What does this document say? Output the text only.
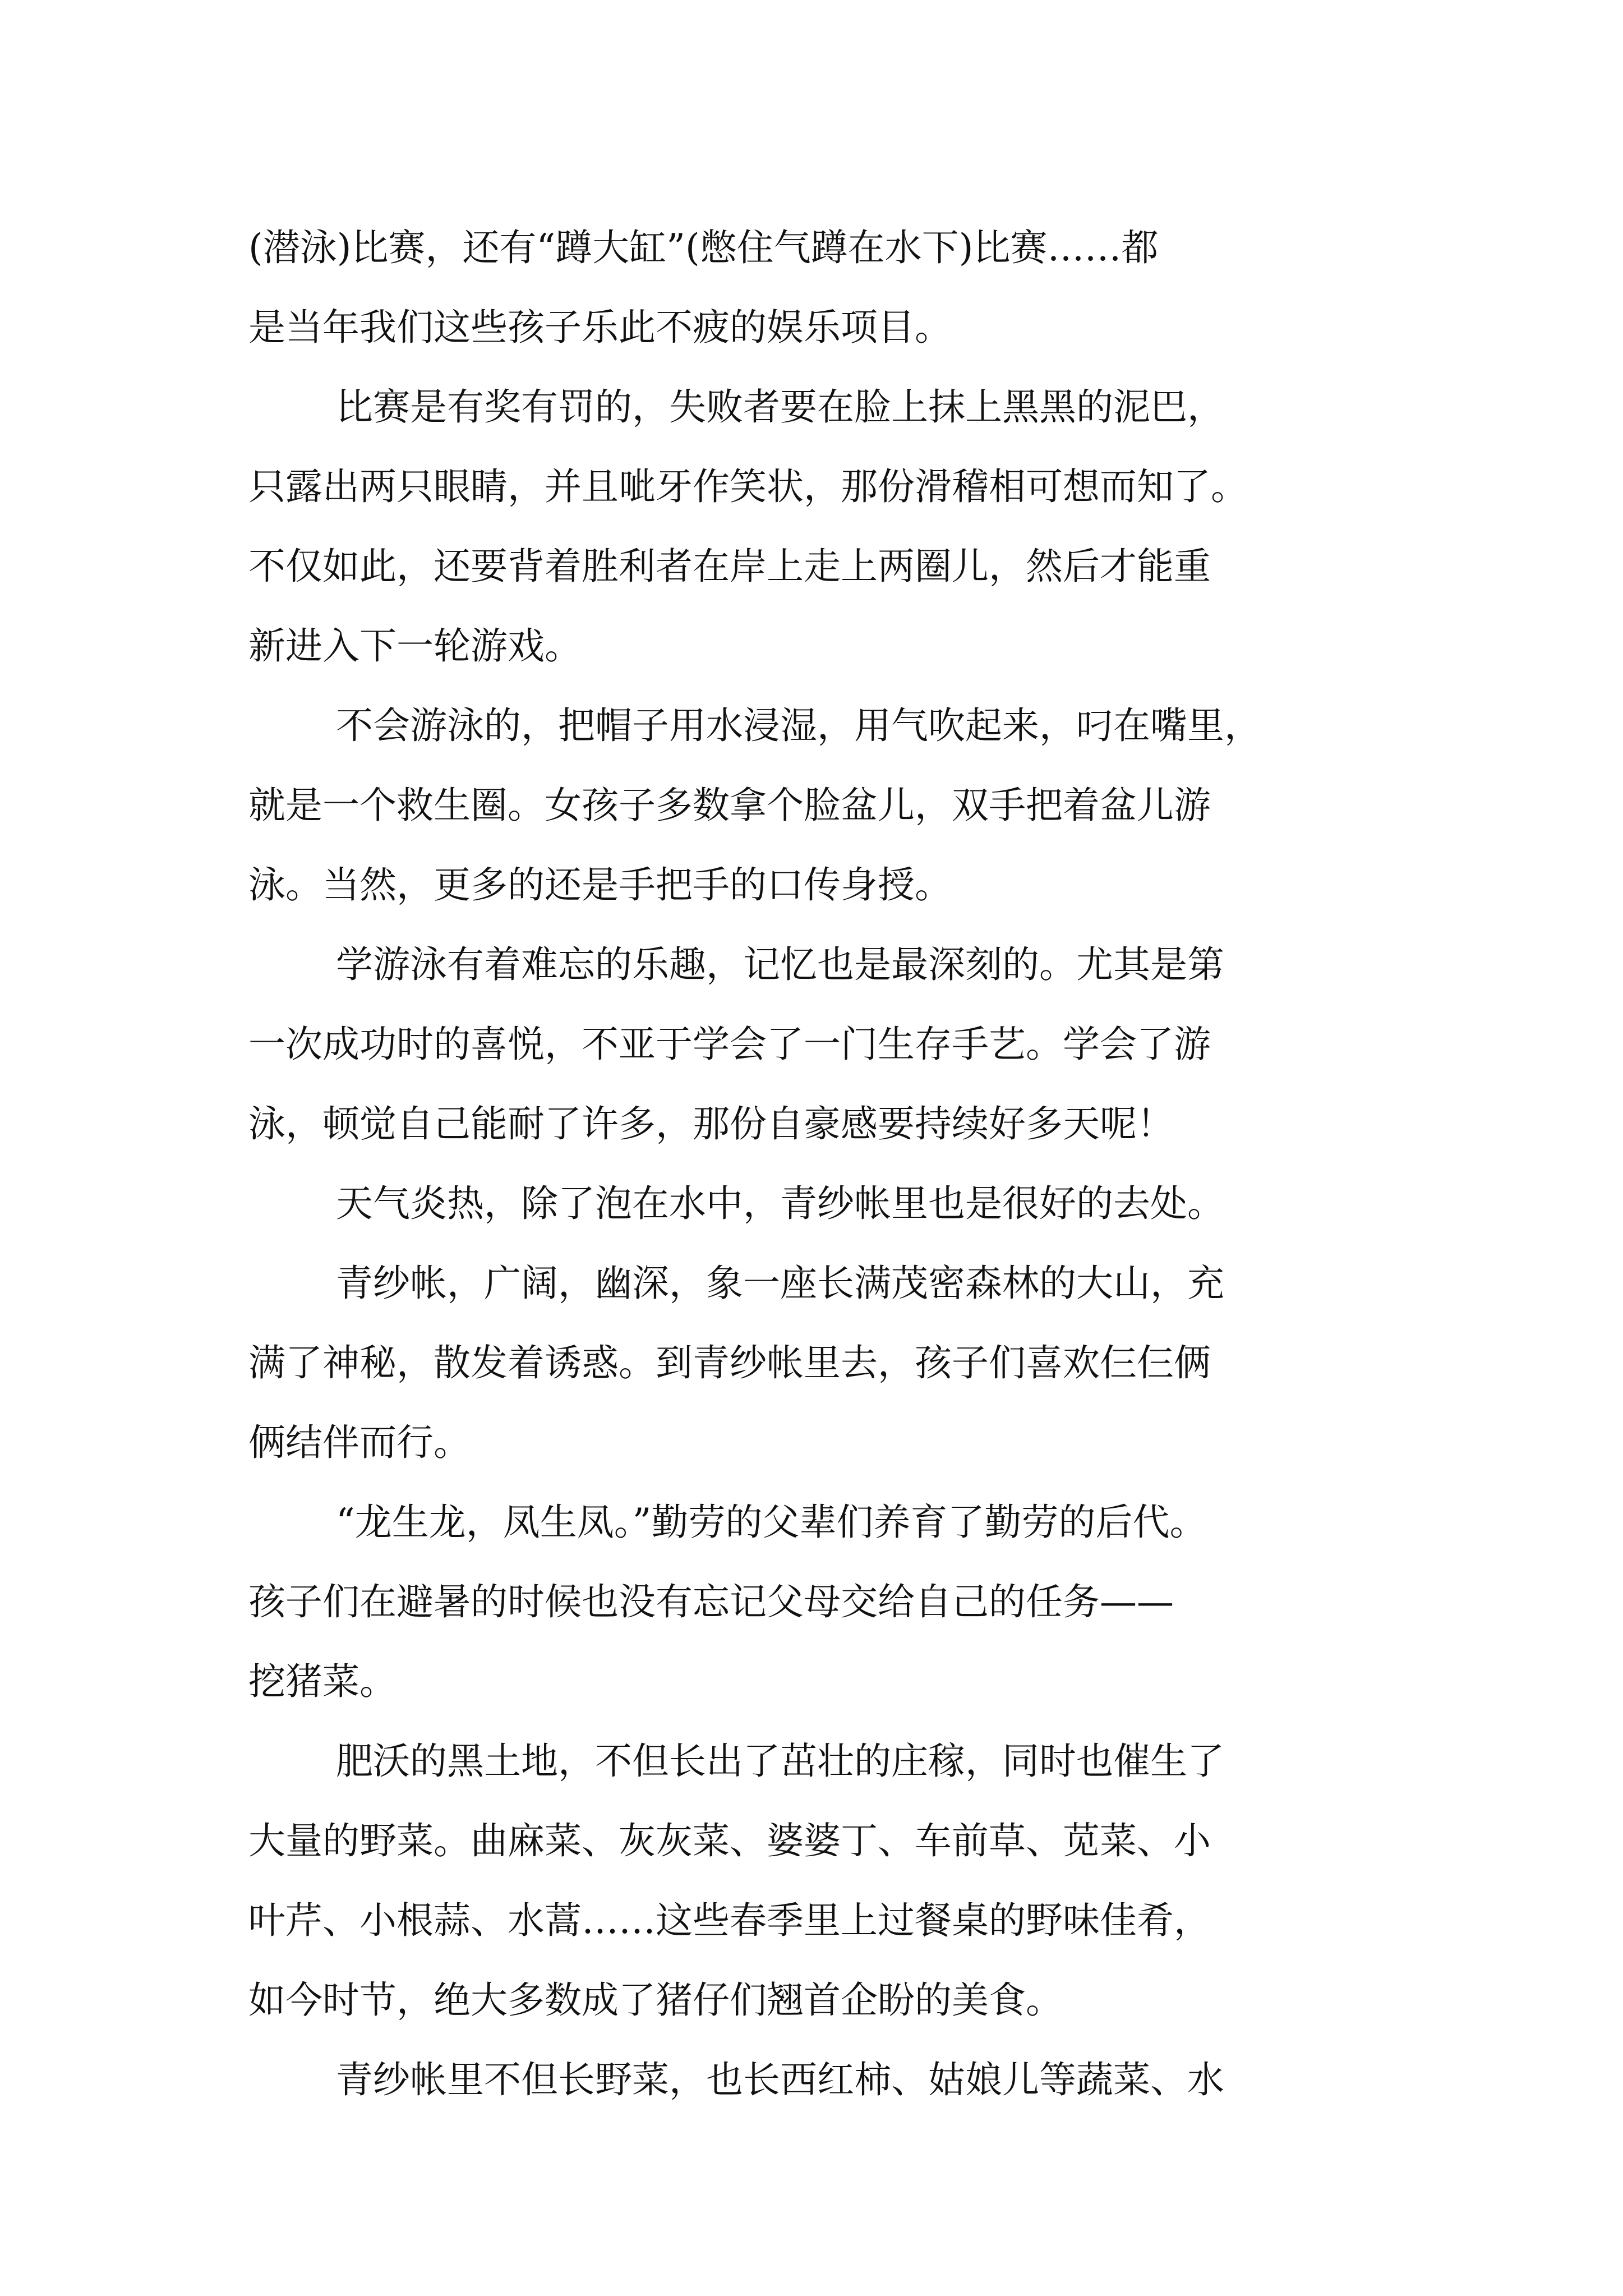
(潜泳)比赛，还有“蹲大缸”(憋住气蹲在水下)比赛……都
是当年我们这些孩子乐此不疲的娱乐项目。
比赛是有奖有罚的，失败者要在脸上抹上黑黑的泥巴，
只露出两只眼睛，并且呲牙作笑状，那份滑稽相可想而知了。
不仅如此，还要背着胜利者在岸上走上两圈儿，然后才能重
新进入下一轮游戏。
不会游泳的，把帽子用水浸湿，用气吹起来，叼在嘴里，
就是一个救生圈。女孩子多数拿个脸盆儿，双手把着盆儿游
泳。当然，更多的还是手把手的口传身授。
学游泳有着难忘的乐趣，记忆也是最深刻的。尤其是第
一次成功时的喜悦，不亚于学会了一门生存手艺。学会了游
泳，顿觉自己能耐了许多，那份自豪感要持续好多天呢！
天气炎热，除了泡在水中，青纱帐里也是很好的去处。
青纱帐，广阔，幽深，象一座长满茂密森林的大山，充
满了神秘，散发着诱惑。到青纱帐里去，孩子们喜欢仨仨俩
俩结伴而行。
“龙生龙，凤生凤。”勤劳的父辈们养育了勤劳的后代。
孩子们在避暑的时候也没有忘记父母交给自己的任务——
挖猪菜。
肥沃的黑土地，不但长出了茁壮的庄稼，同时也催生了
大量的野菜。曲麻菜、灰灰菜、婆婆丁、车前草、苋菜、小
叶芹、小根蒜、水蒿……这些春季里上过餐桌的野味佳肴，
如今时节，绝大多数成了猪仔们翘首企盼的美食。
青纱帐里不但长野菜，也长西红柿、姑娘儿等蔬菜、水
